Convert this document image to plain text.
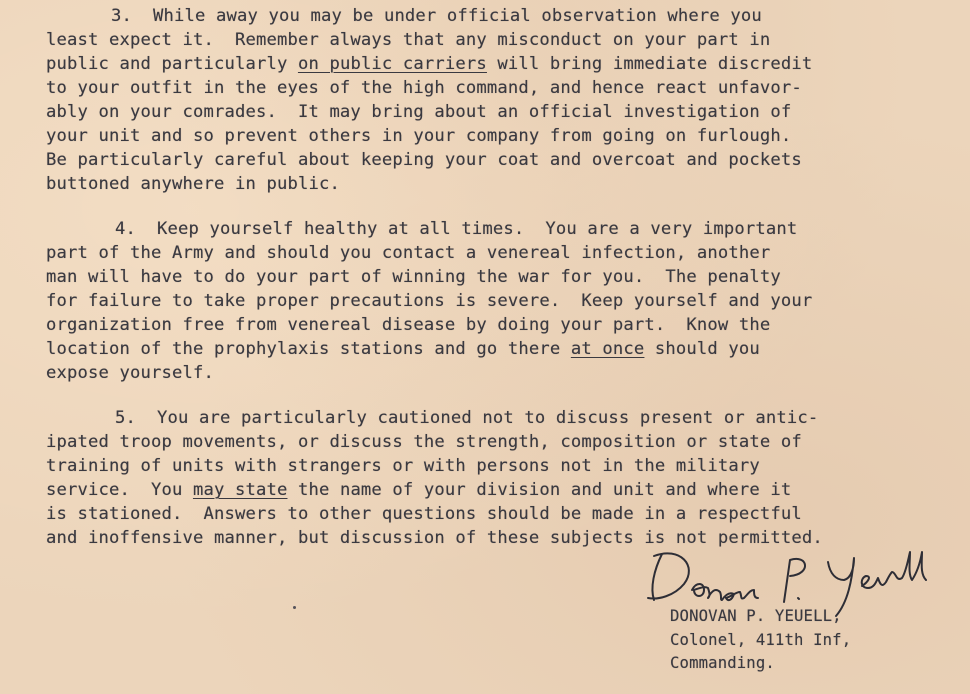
3.  While away you may be under official observation where you
least expect it.  Remember always that any misconduct on your part in
public and particularly on public carriers will bring immediate discredit
to your outfit in the eyes of the high command, and hence react unfavor-
ably on your comrades.  It may bring about an official investigation of
your unit and so prevent others in your company from going on furlough.
Be particularly careful about keeping your coat and overcoat and pockets
buttoned anywhere in public.
4.  Keep yourself healthy at all times.  You are a very important
part of the Army and should you contact a venereal infection, another
man will have to do your part of winning the war for you.  The penalty
for failure to take proper precautions is severe.  Keep yourself and your
organization free from venereal disease by doing your part.  Know the
location of the prophylaxis stations and go there at once should you
expose yourself.
5.  You are particularly cautioned not to discuss present or antic-
ipated troop movements, or discuss the strength, composition or state of
training of units with strangers or with persons not in the military
service.  You may state the name of your division and unit and where it
is stationed.  Answers to other questions should be made in a respectful
and inoffensive manner, but discussion of these subjects is not permitted.
DONOVAN P. YEUELL,
Colonel, 411th Inf,
Commanding.
